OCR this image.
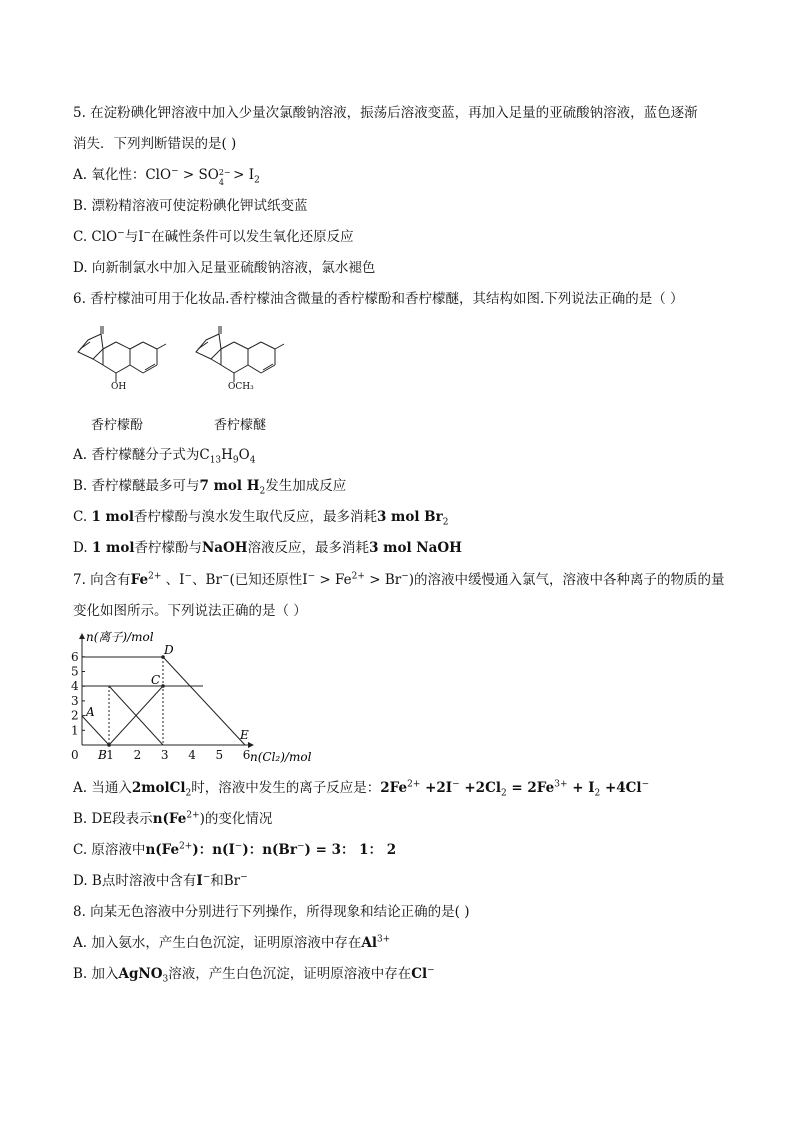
5. 在淀粉碘化钾溶液中加入少量次氯酸钠溶液，振荡后溶液变蓝，再加入足量的亚硫酸钠溶液，蓝色逐渐
消失．下列判断错误的是( )
A. 氧化性：ClO− > SO 2−
$4 > I_2$
B. 漂粉精溶液可使淀粉碘化钾试纸变蓝
C. ClO−与I−在碱性条件可以发生氧化还原反应
D. 向新制氯水中加入足量亚硫酸钠溶液，氯水褪色
6. 香柠檬油可用于化妆品.香柠檬油含微量的香柠檬酚和香柠檬醚，其结构如图.下列说法正确的是（ ）
OH	OCH₃
香柠檬酚	香柠檬醚
A. 香柠檬醚分子式为$C_{13}H_9O_4$
B. 香柠檬醚最多可与7 mol $H_2$发生加成反应
C. 1 mol香柠檬酚与溴水发生取代反应，最多消耗3 mol $Br_2$
D. 1 mol香柠檬酚与NaOH溶液反应，最多消耗3 mol NaOH
7. 向含有$Fe^{2+}$ 、I−、Br−(已知还原性$I^- > Fe^{2+} > Br^-$)的溶液中缓慢通入氯气，溶液中各种离子的物质的量
变化如图所示。下列说法正确的是（ ）
1
2
3
4
5
6
0 1 2 3 4 5 6
n(离子)/mol
n(Cl₂)/mol
A
B
C
D
E
A. 当通入2molCl$_2$时，溶液中发生的离子反应是：$2Fe^{2+} +2I^- +2Cl_2 = 2Fe^{3+} + I_2 +4Cl^-$
B. DE段表示$n(Fe^{2+})$的变化情况
C. 原溶液中$n(Fe^{2+})$：n(I−)：n(Br−) = 3： 1： 2
D. B点时溶液中含有I−和Br−
8. 向某无色溶液中分别进行下列操作，所得现象和结论正确的是( )
A. 加入氨水，产生白色沉淀，证明原溶液中存在$Al^{3+}$
B. 加入AgNO$_3$溶液，产生白色沉淀，证明原溶液中存在Cl−
